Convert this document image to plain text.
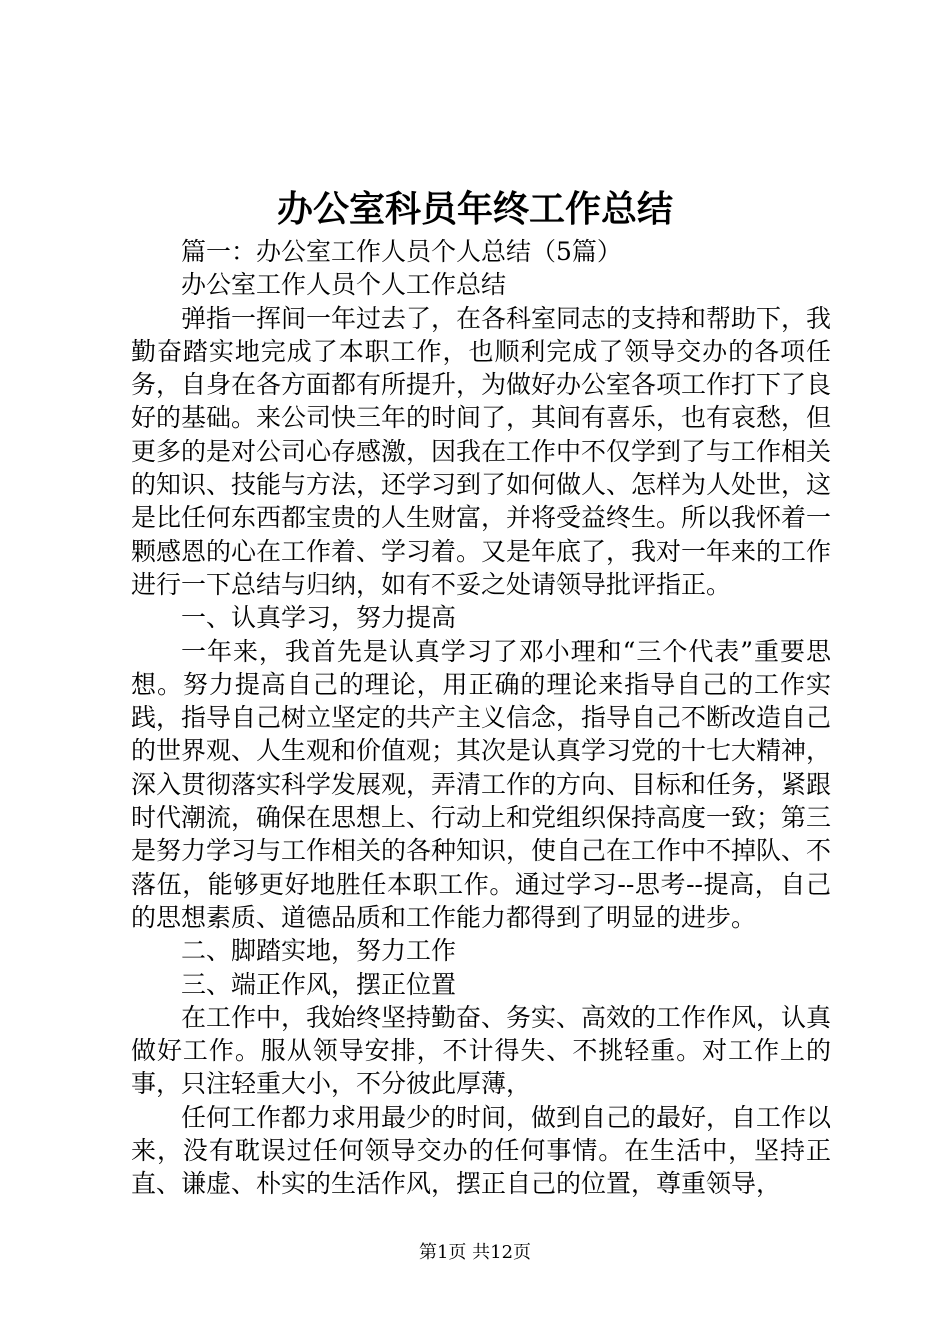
办公室科员年终工作总结

篇一：办公室工作人员个人总结（5篇）

办公室工作人员个人工作总结

弹指一挥间一年过去了，在各科室同志的支持和帮助下，我勤奋踏实地完成了本职工作，也顺利完成了领导交办的各项任务，自身在各方面都有所提升，为做好办公室各项工作打下了良好的基础。来公司快三年的时间了，其间有喜乐，也有哀愁，但更多的是对公司心存感激，因我在工作中不仅学到了与工作相关的知识、技能与方法，还学习到了如何做人、怎样为人处世，这是比任何东西都宝贵的人生财富，并将受益终生。所以我怀着一颗感恩的心在工作着、学习着。又是年底了，我对一年来的工作进行一下总结与归纳，如有不妥之处请领导批评指正。

一、认真学习，努力提高

一年来，我首先是认真学习了邓小理和“三个代表”重要思想。努力提高自己的理论，用正确的理论来指导自己的工作实践，指导自己树立坚定的共产主义信念，指导自己不断改造自己的世界观、人生观和价值观；其次是认真学习党的十七大精神，深入贯彻落实科学发展观，弄清工作的方向、目标和任务，紧跟时代潮流，确保在思想上、行动上和党组织保持高度一致；第三是努力学习与工作相关的各种知识，使自己在工作中不掉队、不落伍，能够更好地胜任本职工作。通过学习--思考--提高，自己的思想素质、道德品质和工作能力都得到了明显的进步。

二、脚踏实地，努力工作

三、端正作风，摆正位置

在工作中，我始终坚持勤奋、务实、高效的工作作风，认真做好工作。服从领导安排，不计得失、不挑轻重。对工作上的事，只注轻重大小，不分彼此厚薄，

任何工作都力求用最少的时间，做到自己的最好，自工作以来，没有耽误过任何领导交办的任何事情。在生活中，坚持正直、谦虚、朴实的生活作风，摆正自己的位置，尊重领导，

第1页 共12页
